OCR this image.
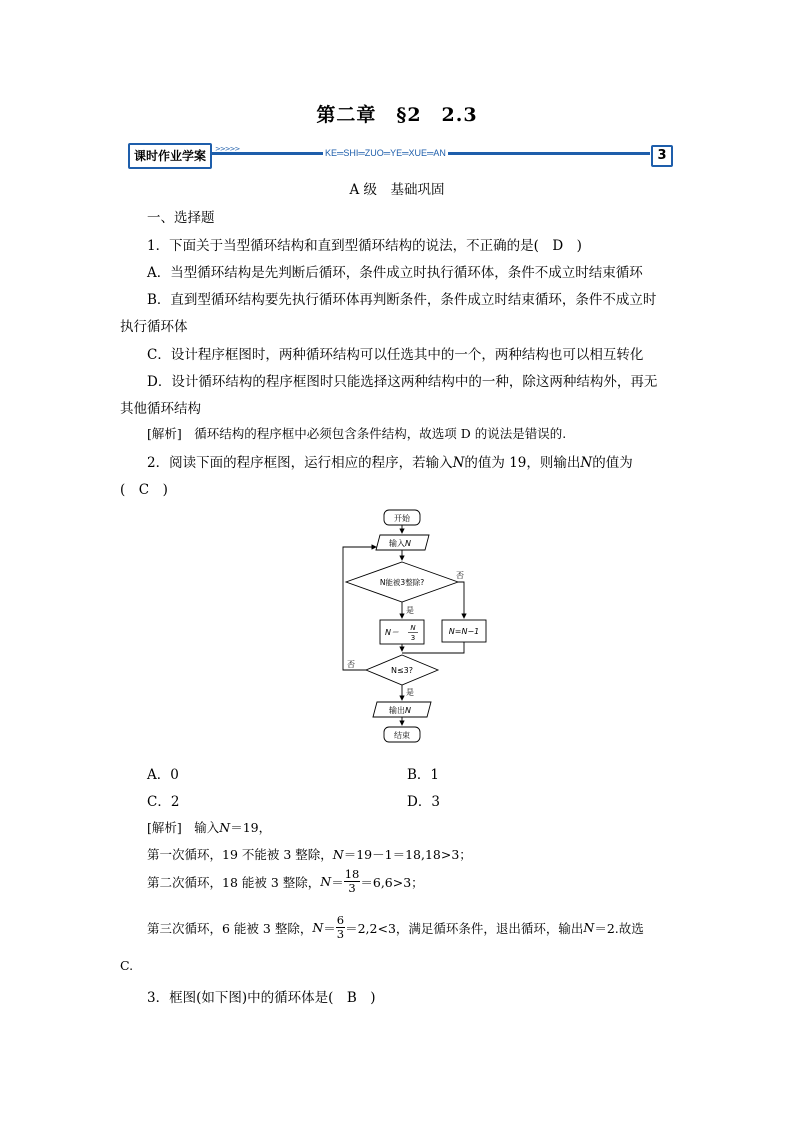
第二章　§2　2.3
课时作业学案	>>>>>	KE═SHI═ZUO═YE═XUE═AN	3
A 级　基础巩固
一、选择题
1．下面关于当型循环结构和直到型循环结构的说法，不正确的是(　D　)
A．当型循环结构是先判断后循环，条件成立时执行循环体，条件不成立时结束循环
B．直到型循环结构要先执行循环体再判断条件，条件成立时结束循环，条件不成立时
执行循环体
C．设计程序框图时，两种循环结构可以任选其中的一个，两种结构也可以相互转化
D．设计循环结构的程序框图时只能选择这两种结构中的一种，除这两种结构外，再无
其他循环结构
[解析]　 循环结构的程序框中必须包含条件结构，故选项 D 的说法是错误的.
2．阅读下面的程序框图，运行相应的程序，若输入N的值为 19，则输出N的值为
(　C　)
开始
输入N
N能被3整除?
否
是
N＝ N
3
N=N−1
N≤3?
否
是
输出N
结束
A．0	B．1
C．2	D．3
[解析]　 输入N＝19，
第一次循环，19 不能被 3 整除，N＝19－1＝18,18>3；
第二次循环，18 能被 3 整除，$N= \frac{18}{3} =6,6>3$；
第三次循环，6 能被 3 整除，$N= \frac{6}{3} =2,2<3$，满足循环条件，退出循环，输出N＝2.故选
C.
3．框图(如下图)中的循环体是(　B　)
